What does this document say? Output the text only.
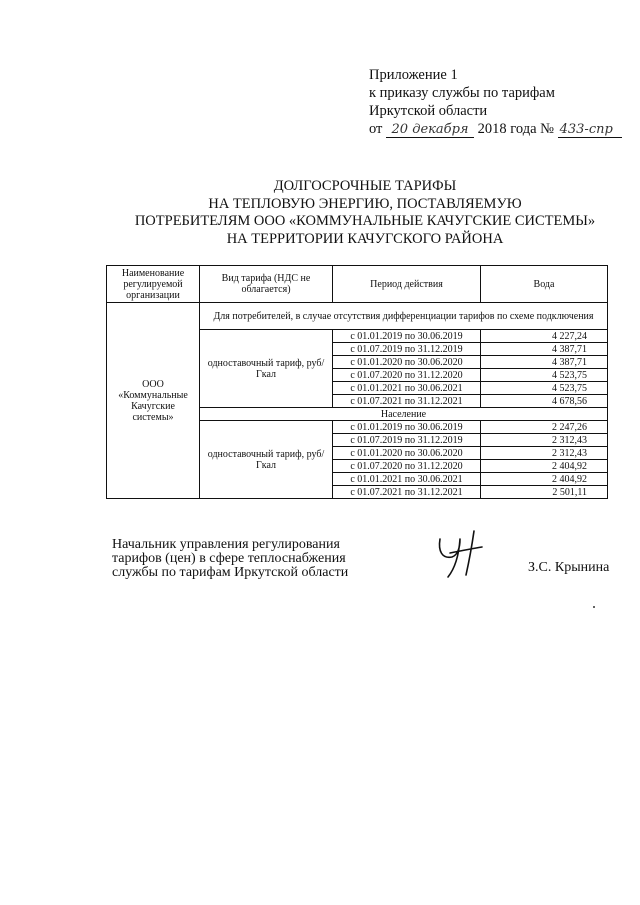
Приложение 1
к приказу службы по тарифам
Иркутской области
от 20 декабря 2018 года № 433-спр
ДОЛГОСРОЧНЫЕ ТАРИФЫ
НА ТЕПЛОВУЮ ЭНЕРГИЮ, ПОСТАВЛЯЕМУЮ
ПОТРЕБИТЕЛЯМ ООО «КОММУНАЛЬНЫЕ КАЧУГСКИЕ СИСТЕМЫ»
НА ТЕРРИТОРИИ КАЧУГСКОГО РАЙОНА
Наименование регулируемой организации	Вид тарифа (НДС не облагается)	Период действия	Вода
ООО «Коммунальные Качугские системы»	Для потребителей, в случае отсутствия дифференциации тарифов по схеме подключения		
	одноставочный тариф, руб/Гкал	с 01.01.2019 по 30.06.2019	4 227,24
		с 01.07.2019 по 31.12.2019	4 387,71
		с 01.01.2020 по 30.06.2020	4 387,71
		с 01.07.2020 по 31.12.2020	4 523,75
		с 01.01.2021 по 30.06.2021	4 523,75
		с 01.07.2021 по 31.12.2021	4 678,56
	Население		
	одноставочный тариф, руб/Гкал	с 01.01.2019 по 30.06.2019	2 247,26
		с 01.07.2019 по 31.12.2019	2 312,43
		с 01.01.2020 по 30.06.2020	2 312,43
		с 01.07.2020 по 31.12.2020	2 404,92
		с 01.01.2021 по 30.06.2021	2 404,92
		с 01.07.2021 по 31.12.2021	2 501,11
Начальник управления регулирования
тарифов (цен) в сфере теплоснабжения
службы по тарифам Иркутской области	З.С. Крынина
